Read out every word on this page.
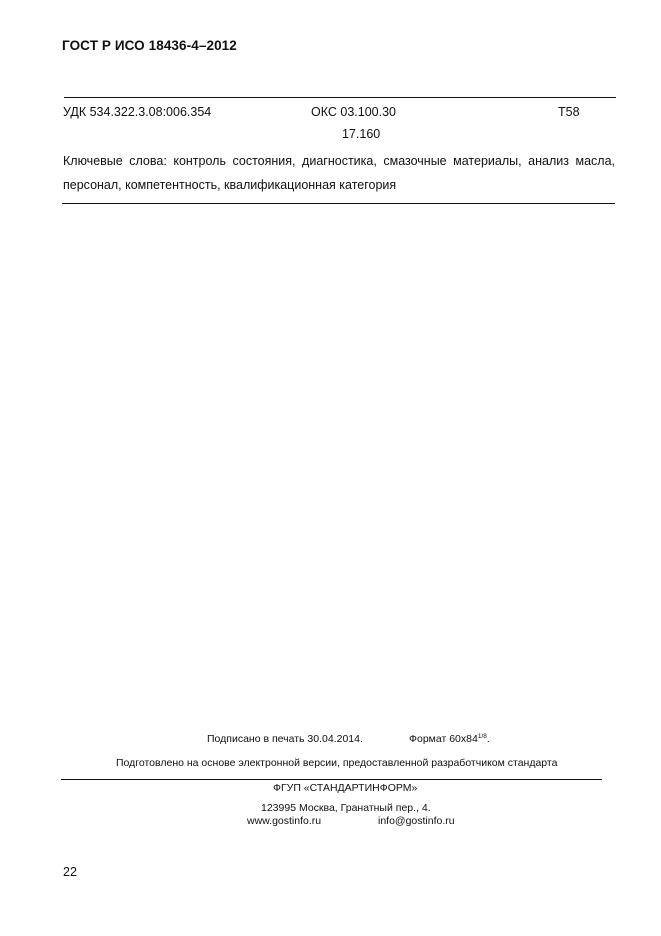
ГОСТ Р ИСО 18436-4–2012
УДК 534.322.3.08:006.354	ОКС 03.100.30
17.160
Т58
Ключевые слова: контроль состояния, диагностика, смазочные материалы, анализ масла, персонал, компетентность, квалификационная категория
Подписано в печать 30.04.2014.	Формат $60x84^{1/8}$.
Подготовлено на основе электронной версии, предоставленной разработчиком стандарта
ФГУП «СТАНДАРТИНФОРМ»
123995 Москва, Гранатный пер., 4.
www.gostinfo.ru	info@gostinfo.ru
22
